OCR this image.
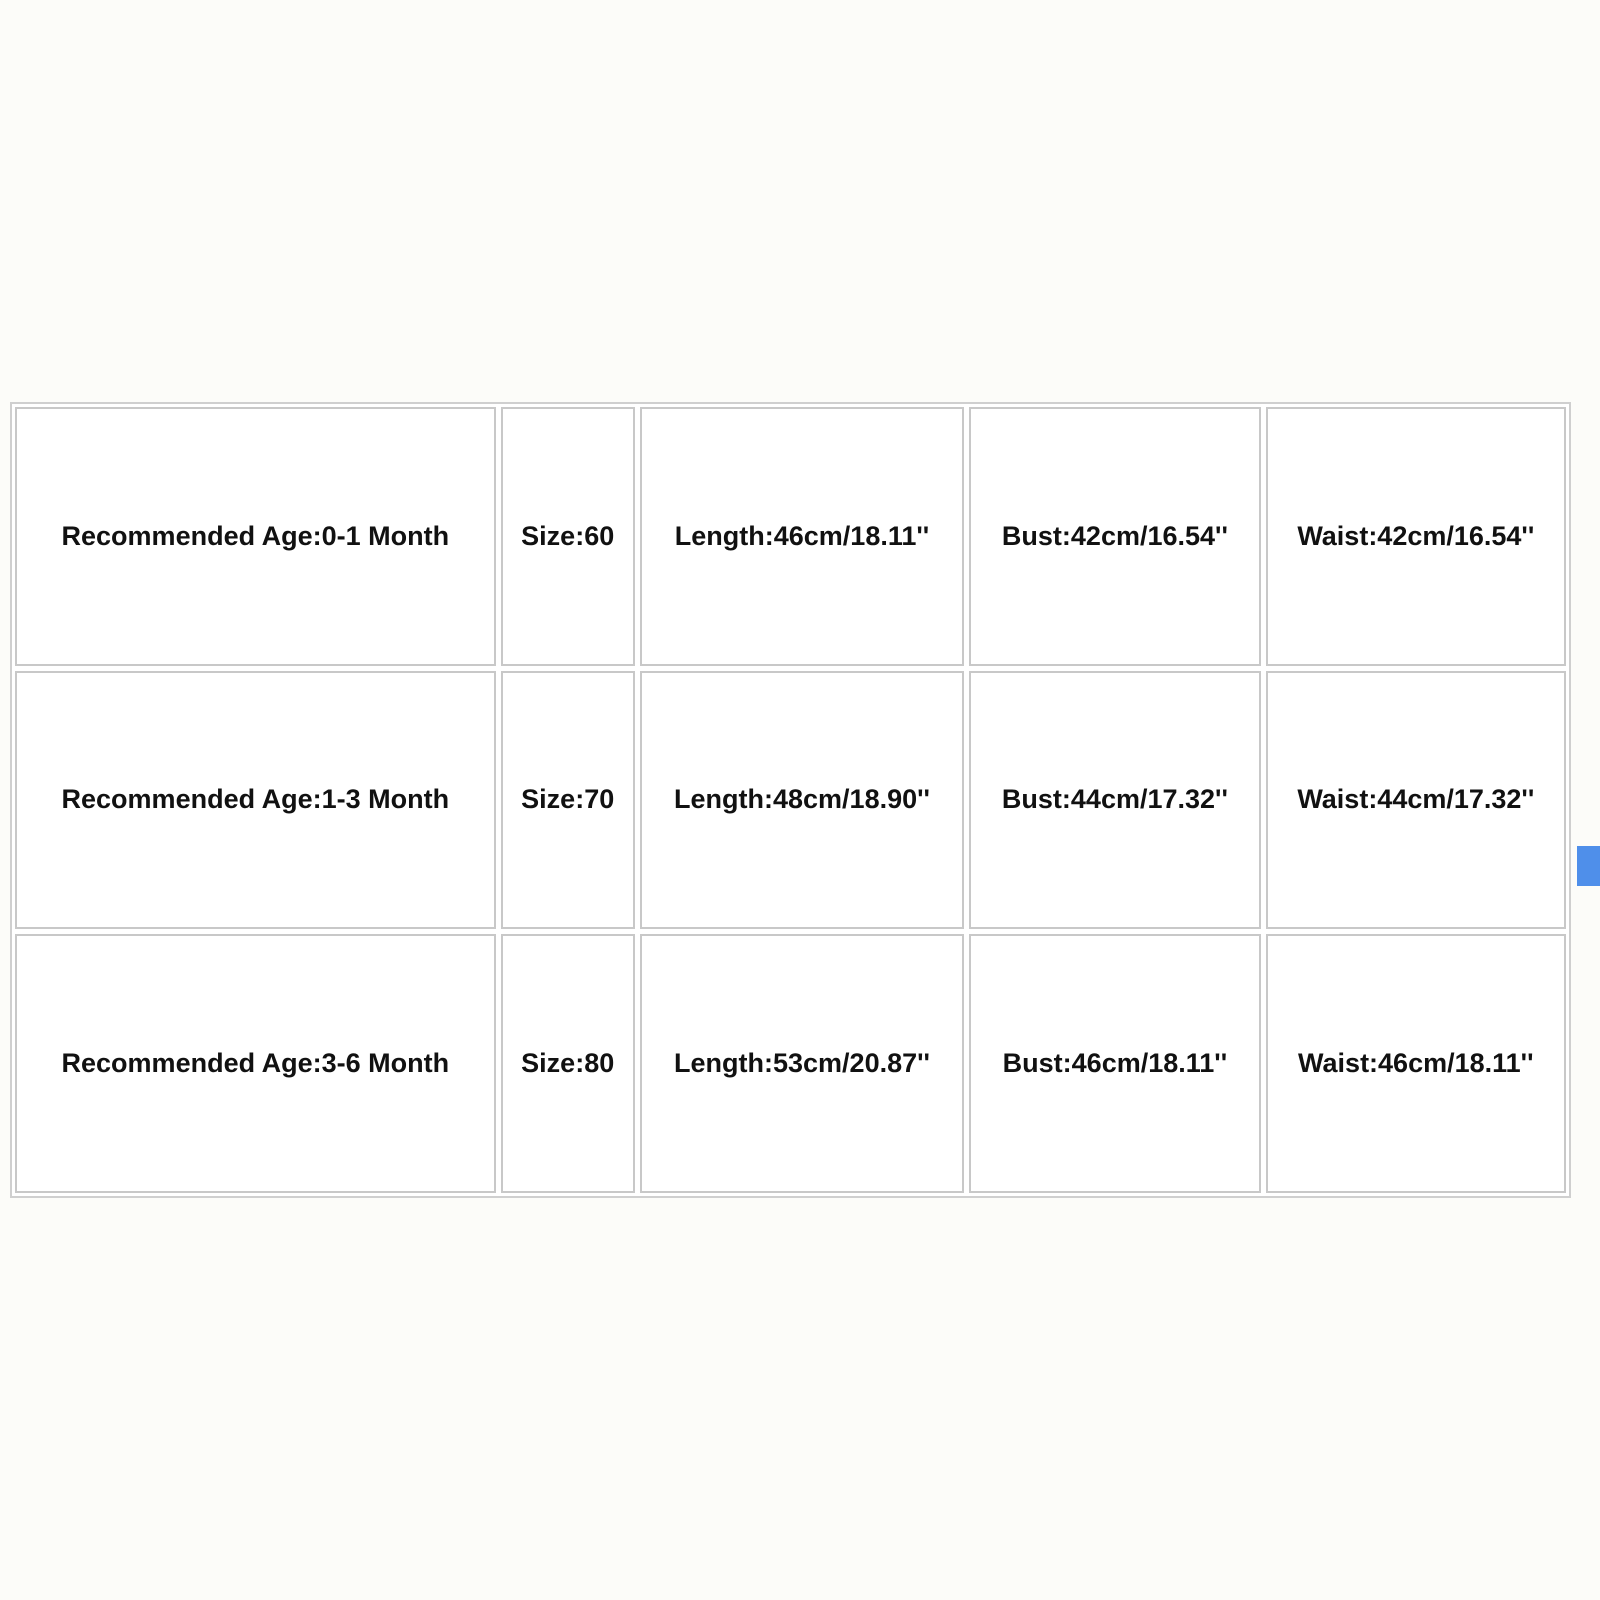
Recommended Age:0-1 Month	Size:60	Length:46cm/18.11''	Bust:42cm/16.54''	Waist:42cm/16.54''
Recommended Age:1-3 Month	Size:70	Length:48cm/18.90''	Bust:44cm/17.32''	Waist:44cm/17.32''
Recommended Age:3-6 Month	Size:80	Length:53cm/20.87''	Bust:46cm/18.11''	Waist:46cm/18.11''
